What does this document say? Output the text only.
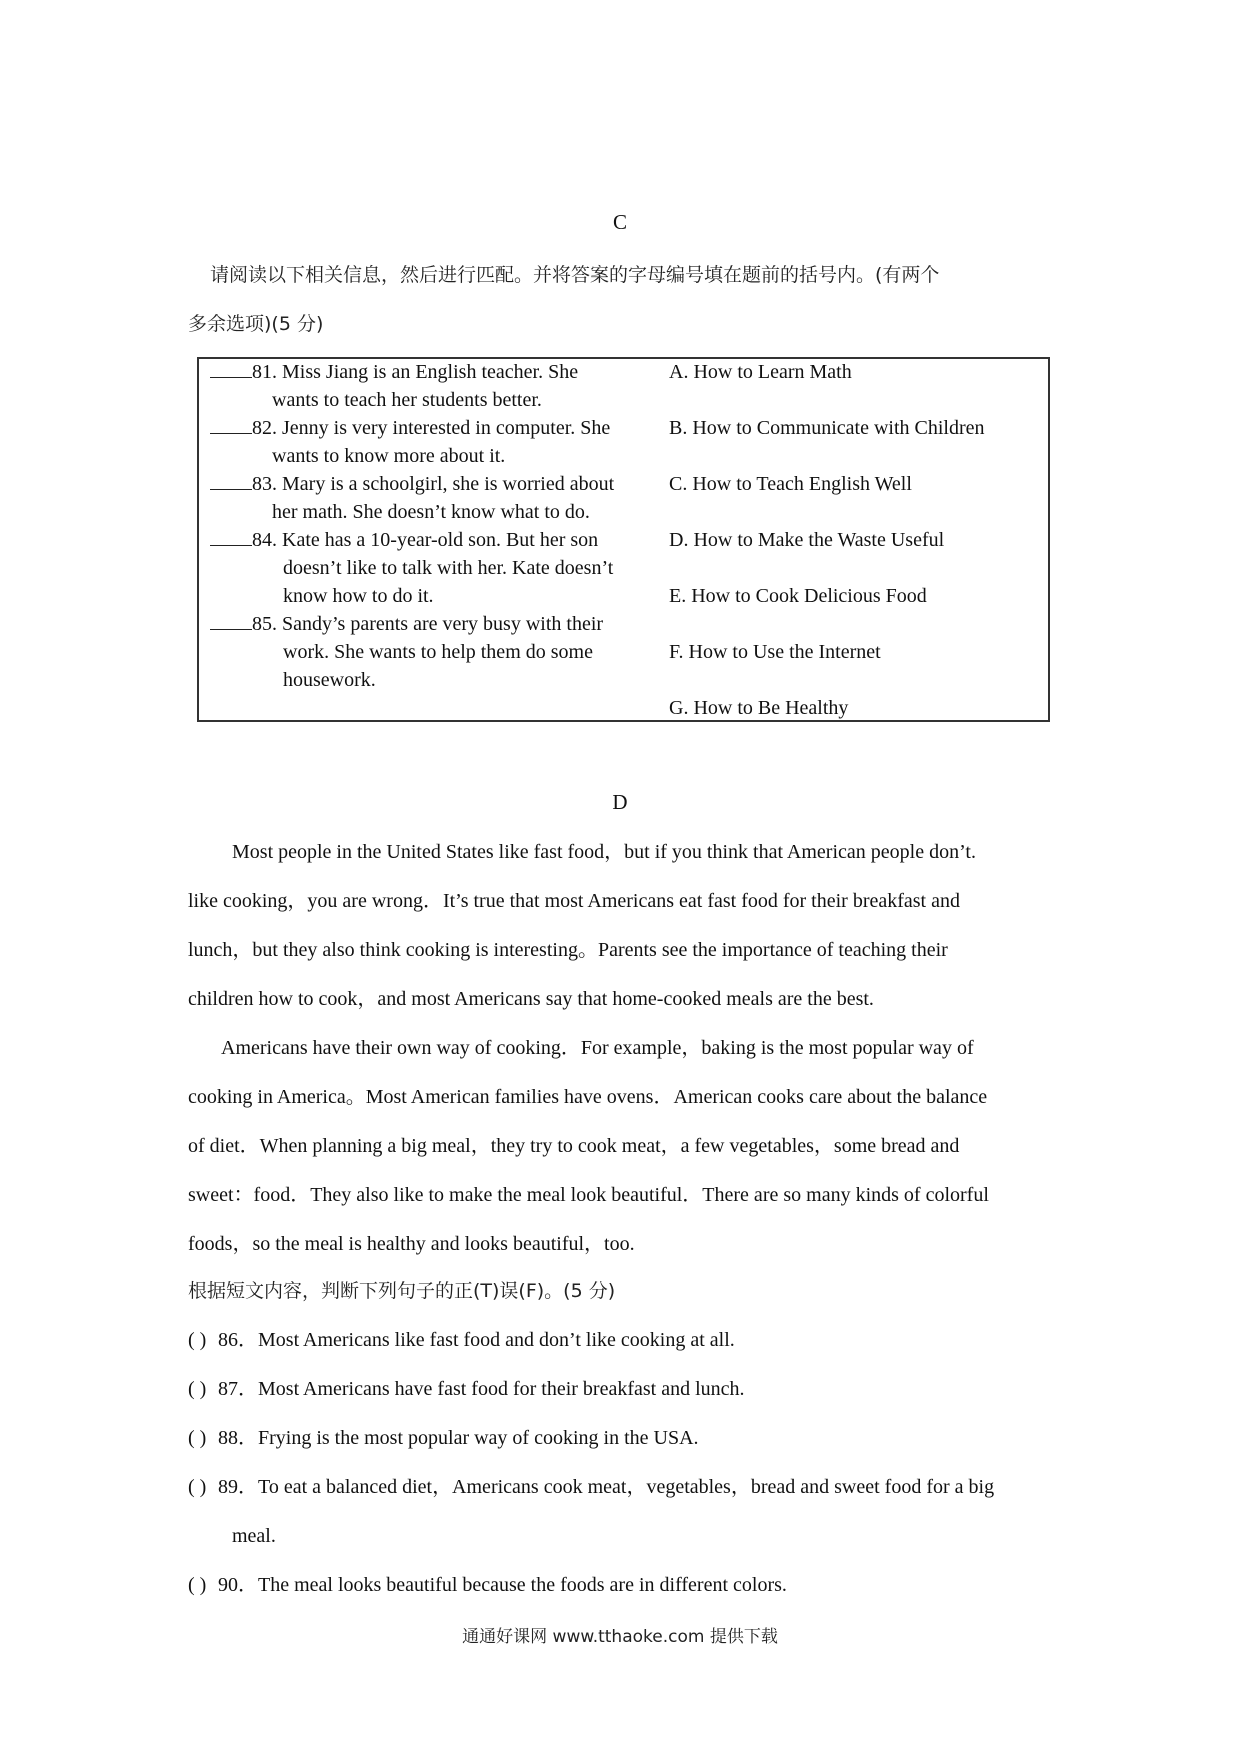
C
请阅读以下相关信息，然后进行匹配。并将答案的字母编号填在题前的括号内。(有两个
多余选项)(5 分)
81. Miss Jiang is an English teacher. She
wants to teach her students better.
82. Jenny is very interested in computer. She
wants to know more about it.
83. Mary is a schoolgirl, she is worried about
her math. She doesn’t know what to do.
84. Kate has a 10-year-old son. But her son
doesn’t like to talk with her. Kate doesn’t
know how to do it.
85. Sandy’s parents are very busy with their
work. She wants to help them do some
housework.
A. How to Learn Math
B. How to Communicate with Children
C. How to Teach English Well
D. How to Make the Waste Useful
E. How to Cook Delicious Food
F. How to Use the Internet
G. How to Be Healthy
D
Most people in the United States like fast food，but if you think that American people don’t.
like cooking，you are wrong．It’s true that most Americans eat fast food for their breakfast and
lunch，but they also think cooking is interesting。Parents see the importance of teaching their
children how to cook，and most Americans say that home-cooked meals are the best.
Americans have their own way of cooking．For example，baking is the most popular way of
cooking in America。Most American families have ovens．American cooks care about the balance
of diet．When planning a big meal，they try to cook meat，a few vegetables，some bread and
sweet：food．They also like to make the meal look beautiful．There are so many kinds of colorful
foods，so the meal is healthy and looks beautiful，too.
根据短文内容，判断下列句子的正(T)误(F)。(5 分)
( ) 86．Most Americans like fast food and don’t like cooking at all.
( ) 87．Most Americans have fast food for their breakfast and lunch.
( ) 88．Frying is the most popular way of cooking in the USA.
( ) 89．To eat a balanced diet，Americans cook meat，vegetables，bread and sweet food for a big
meal.
( ) 90．The meal looks beautiful because the foods are in different colors.
通通好课网 www.tthaoke.com 提供下载
